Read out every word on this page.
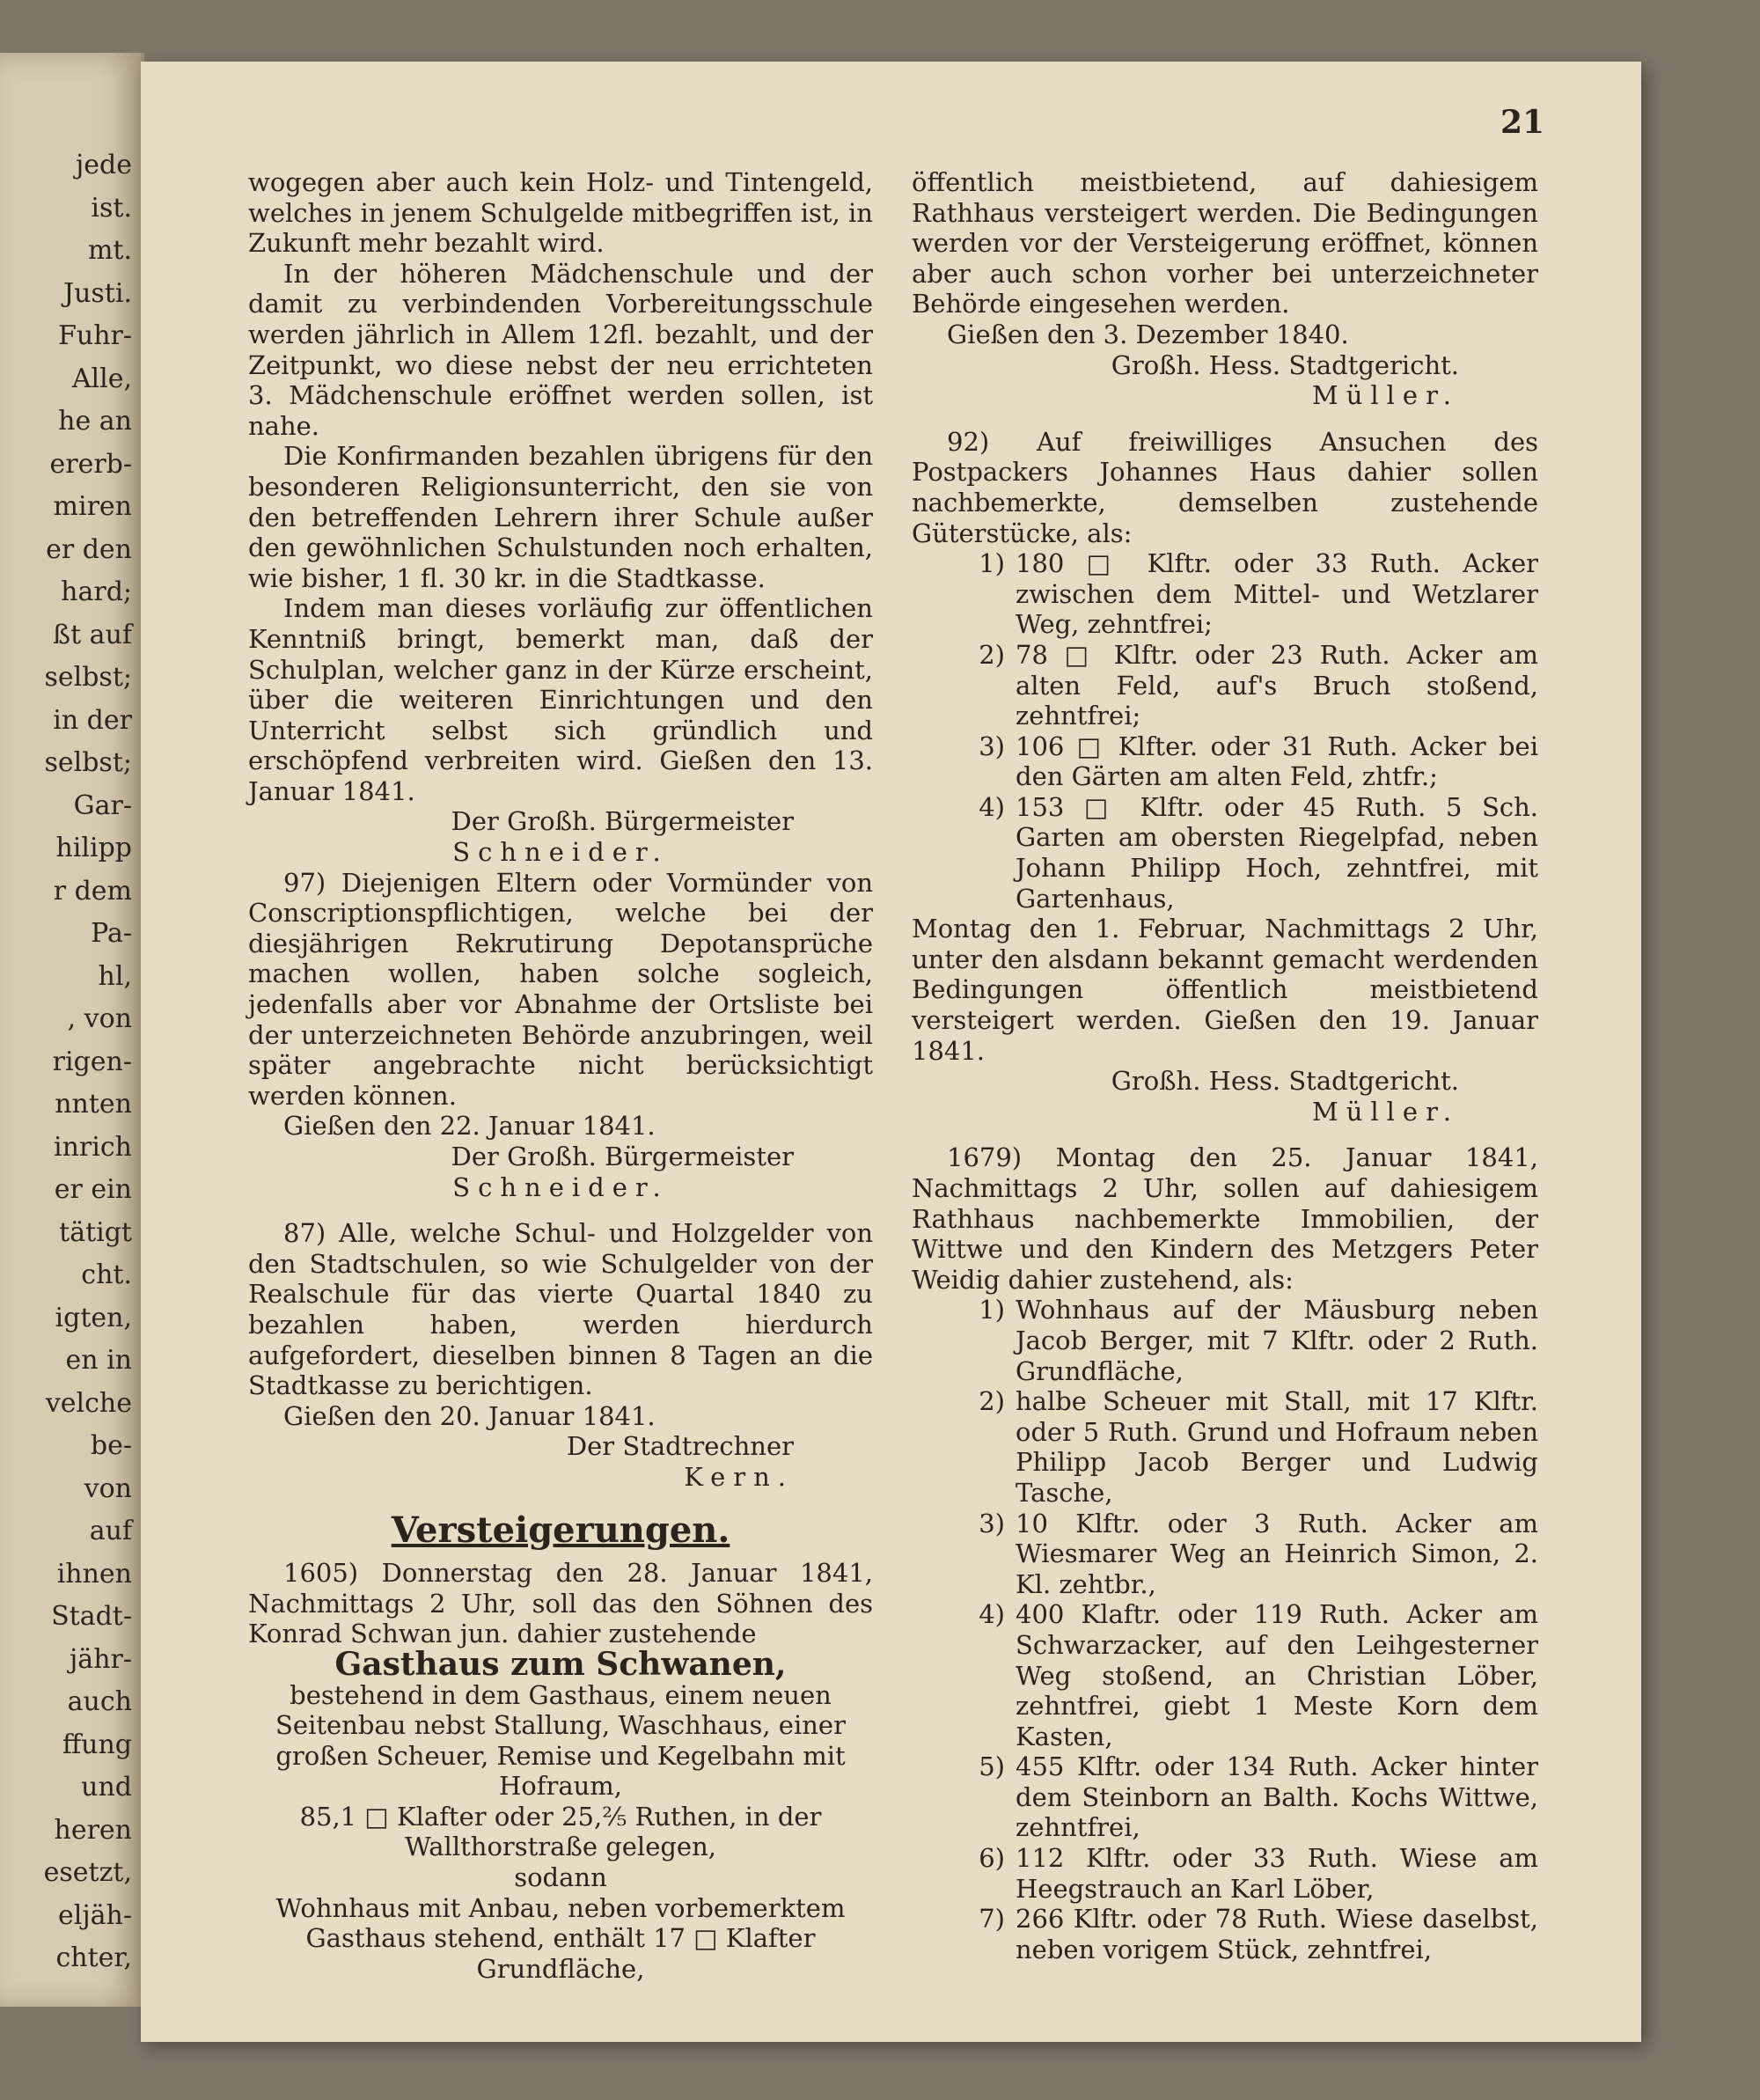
jede
ist.
mt.
Justi.
Fuhr-
Alle,
he an
ererb-
miren
er den
hard;
ßt auf
selbst;
in der
selbst;
Gar-
hilipp
r dem
Pa-
hl,
, von
rigen-
nnten
inrich
er ein
tätigt
cht.
igten,
en in
velche
be-
von
auf
ihnen
Stadt-
jähr-
auch
ffung
und
heren
esetzt,
eljäh-
chter,
21

wogegen aber auch kein Holz- und Tintengeld, welches in jenem Schulgelde mitbegriffen ist, in Zukunft mehr bezahlt wird.

In der höheren Mädchenschule und der damit zu verbindenden Vorbereitungsschule werden jährlich in Allem 12fl. bezahlt, und der Zeitpunkt, wo diese nebst der neu errichteten 3. Mädchenschule eröffnet werden sollen, ist nahe.

Die Konfirmanden bezahlen übrigens für den besonderen Religionsunterricht, den sie von den betreffenden Lehrern ihrer Schule außer den gewöhnlichen Schulstunden noch erhalten, wie bisher, 1 fl. 30 kr. in die Stadtkasse.

Indem man dieses vorläufig zur öffentlichen Kenntniß bringt, bemerkt man, daß der Schulplan, welcher ganz in der Kürze erscheint, über die weiteren Einrichtungen und den Unterricht selbst sich gründlich und erschöpfend verbreiten wird. Gießen den 13. Januar 1841.

Der Großh. Bürgermeister

Schneider.

97) Diejenigen Eltern oder Vormünder von Conscriptionspflichtigen, welche bei der diesjährigen Rekrutirung Depotansprüche machen wollen, haben solche sogleich, jedenfalls aber vor Abnahme der Ortsliste bei der unterzeichneten Behörde anzubringen, weil später angebrachte nicht berücksichtigt werden können.

Gießen den 22. Januar 1841.

Der Großh. Bürgermeister

Schneider.

87) Alle, welche Schul- und Holzgelder von den Stadtschulen, so wie Schulgelder von der Realschule für das vierte Quartal 1840 zu bezahlen haben, werden hierdurch aufgefordert, dieselben binnen 8 Tagen an die Stadtkasse zu berichtigen.

Gießen den 20. Januar 1841.

Der Stadtrechner

Kern.

Versteigerungen.

1605) Donnerstag den 28. Januar 1841, Nachmittags 2 Uhr, soll das den Söhnen des Konrad Schwan jun. dahier zustehende

Gasthaus zum Schwanen,

bestehend in dem Gasthaus, einem neuen Seitenbau nebst Stallung, Waschhaus, einer großen Scheuer, Remise und Kegelbahn mit Hofraum,

85,1 □ Klafter oder 25,⅖ Ruthen, in der Wallthorstraße gelegen,

sodann

Wohnhaus mit Anbau, neben vorbemerktem Gasthaus stehend, enthält 17 □ Klafter Grundfläche,

öffentlich meistbietend, auf dahiesigem Rathhaus versteigert werden. Die Bedingungen werden vor der Versteigerung eröffnet, können aber auch schon vorher bei unterzeichneter Behörde eingesehen werden.

Gießen den 3. Dezember 1840.

Großh. Hess. Stadtgericht.

Müller.

92) Auf freiwilliges Ansuchen des Postpackers Johannes Haus dahier sollen nachbemerkte, demselben zustehende Güterstücke, als:

1) 180 □ Klftr. oder 33 Ruth. Acker zwischen dem Mittel- und Wetzlarer Weg, zehntfrei;
2) 78 □ Klftr. oder 23 Ruth. Acker am alten Feld, auf's Bruch stoßend, zehntfrei;
3) 106 □ Klfter. oder 31 Ruth. Acker bei den Gärten am alten Feld, zhtfr.;
4) 153 □ Klftr. oder 45 Ruth. 5 Sch. Garten am obersten Riegelpfad, neben Johann Philipp Hoch, zehntfrei, mit Gartenhaus,

Montag den 1. Februar, Nachmittags 2 Uhr, unter den alsdann bekannt gemacht werdenden Bedingungen öffentlich meistbietend versteigert werden. Gießen den 19. Januar 1841.

Großh. Hess. Stadtgericht.

Müller.

1679) Montag den 25. Januar 1841, Nachmittags 2 Uhr, sollen auf dahiesigem Rathhaus nachbemerkte Immobilien, der Wittwe und den Kindern des Metzgers Peter Weidig dahier zustehend, als:

1) Wohnhaus auf der Mäusburg neben Jacob Berger, mit 7 Klftr. oder 2 Ruth. Grundfläche,
2) halbe Scheuer mit Stall, mit 17 Klftr. oder 5 Ruth. Grund und Hofraum neben Philipp Jacob Berger und Ludwig Tasche,
3) 10 Klftr. oder 3 Ruth. Acker am Wiesmarer Weg an Heinrich Simon, 2. Kl. zehtbr.,
4) 400 Klaftr. oder 119 Ruth. Acker am Schwarzacker, auf den Leihgesterner Weg stoßend, an Christian Löber, zehntfrei, giebt 1 Meste Korn dem Kasten,
5) 455 Klftr. oder 134 Ruth. Acker hinter dem Steinborn an Balth. Kochs Wittwe, zehntfrei,
6) 112 Klftr. oder 33 Ruth. Wiese am Heegstrauch an Karl Löber,
7) 266 Klftr. oder 78 Ruth. Wiese daselbst, neben vorigem Stück, zehntfrei,
